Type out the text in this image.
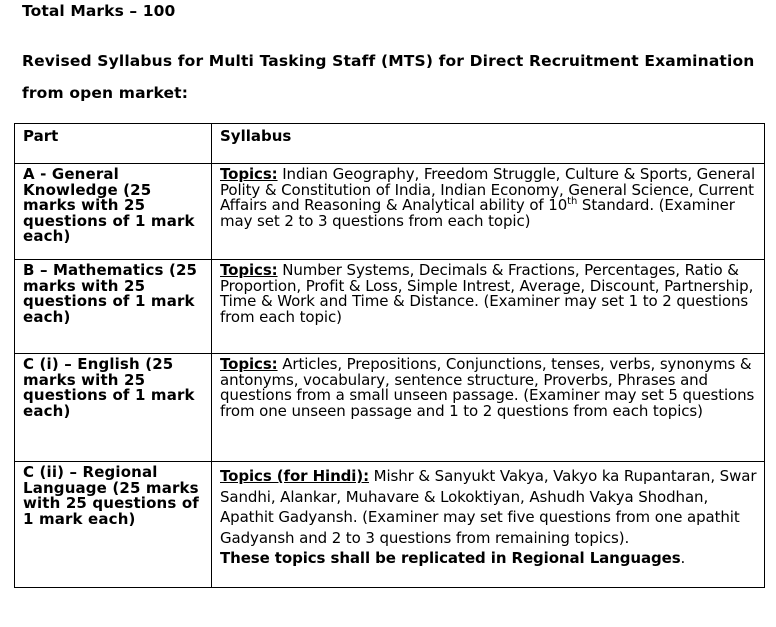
Total Marks – 100
Revised Syllabus for Multi Tasking Staff (MTS) for Direct Recruitment Examination from open market:
Part	Syllabus
A - General Knowledge (25 marks with 25 questions of 1 mark each)	Topics: Indian Geography, Freedom Struggle, Culture & Sports, General Polity & Constitution of India, Indian Economy, General Science, Current Affairs and Reasoning & Analytical ability of 10th Standard. (Examiner may set 2 to 3 questions from each topic)
B – Mathematics (25 marks with 25 questions of 1 mark each)	Topics: Number Systems, Decimals & Fractions, Percentages, Ratio & Proportion, Profit & Loss, Simple Intrest, Average, Discount, Partnership, Time & Work and Time & Distance. (Examiner may set 1 to 2 questions from each topic)
C (i) – English (25 marks with 25 questions of 1 mark each)	Topics: Articles, Prepositions, Conjunctions, tenses, verbs, synonyms & antonyms, vocabulary, sentence structure, Proverbs, Phrases and questions from a small unseen passage. (Examiner may set 5 questions from one unseen passage and 1 to 2 questions from each topics)
C (ii) – Regional Language (25 marks with 25 questions of 1 mark each)	Topics (for Hindi): Mishr & Sanyukt Vakya, Vakyo ka Rupantaran, Swar Sandhi, Alankar, Muhavare & Lokoktiyan, Ashudh Vakya Shodhan, Apathit Gadyansh. (Examiner may set five questions from one apathit Gadyansh and 2 to 3 questions from remaining topics).
These topics shall be replicated in Regional Languages.
